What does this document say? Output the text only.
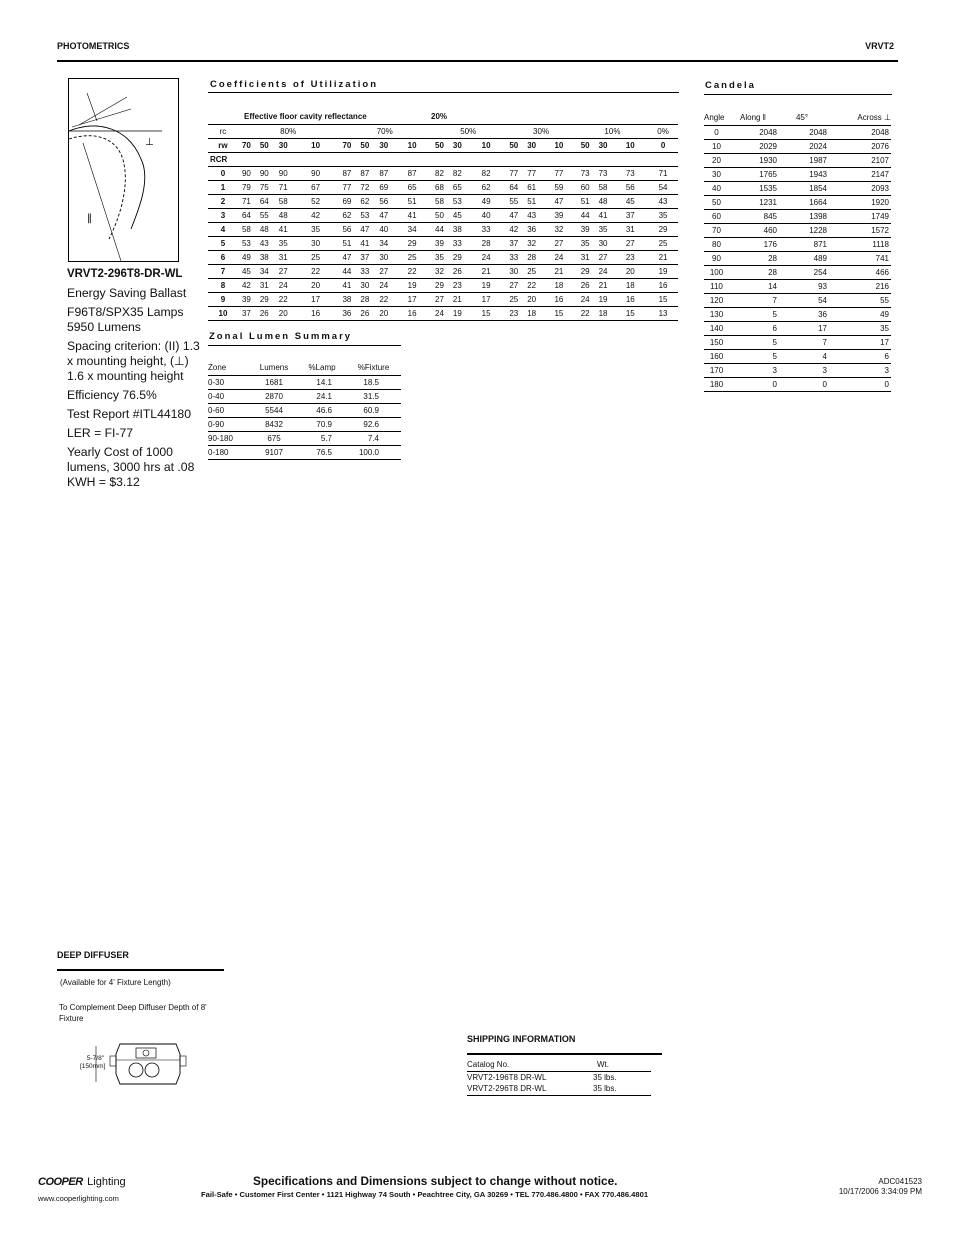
PHOTOMETRICS	VRVT2
⊥
‖
VRVT2-296T8-DR-WL

Energy Saving Ballast

F96T8/SPX35 Lamps 5950 Lumens

Spacing criterion: (II) 1.3 x mounting height, (⊥) 1.6 x mounting height

Efficiency 76.5%

Test Report #ITL44180

LER = FI-77

Yearly Cost of 1000 lumens, 3000 hrs at .08 KWH = $3.12

Coefficients of Utilization
Effective floor cavity reflectance									20%									
rc	80%				70%				50%			30%			10%			0%
rw	70	50	30	10	70	50	30	10	50	30	10	50	30	10	50	30	10	0
RCR																		
0	90	90	90	90	87	87	87	87	82	82	82	77	77	77	73	73	73	71
1	79	75	71	67	77	72	69	65	68	65	62	64	61	59	60	58	56	54
2	71	64	58	52	69	62	56	51	58	53	49	55	51	47	51	48	45	43
3	64	55	48	42	62	53	47	41	50	45	40	47	43	39	44	41	37	35
4	58	48	41	35	56	47	40	34	44	38	33	42	36	32	39	35	31	29
5	53	43	35	30	51	41	34	29	39	33	28	37	32	27	35	30	27	25
6	49	38	31	25	47	37	30	25	35	29	24	33	28	24	31	27	23	21
7	45	34	27	22	44	33	27	22	32	26	21	30	25	21	29	24	20	19
8	42	31	24	20	41	30	24	19	29	23	19	27	22	18	26	21	18	16
9	39	29	22	17	38	28	22	17	27	21	17	25	20	16	24	19	16	15
10	37	26	20	16	36	26	20	16	24	19	15	23	18	15	22	18	15	13
Zonal Lumen Summary
Zone	Lumens	%Lamp	%Fixture
0-30	1681	14.1	18.5
0-40	2870	24.1	31.5
0-60	5544	46.6	60.9
0-90	8432	70.9	92.6
90-180	675	5.7	7.4
0-180	9107	76.5	100.0
Candela
Angle	Along ‖	45°	Across ⊥
0	2048	2048	2048
10	2029	2024	2076
20	1930	1987	2107
30	1765	1943	2147
40	1535	1854	2093
50	1231	1664	1920
60	845	1398	1749
70	460	1228	1572
80	176	871	1118
90	28	489	741
100	28	254	466
110	14	93	216
120	7	54	55
130	5	36	49
140	6	17	35
150	5	7	17
160	5	4	6
170	3	3	3
180	0	0	0
DEEP DIFFUSER
(Available for 4' Fixture Length)
To Complement Deep Diffuser Depth of 8' Fixture
5-7/8"
[150mm]
SHIPPING INFORMATION
Catalog No.	Wt.
VRVT2-196T8 DR-WL	35 lbs.
VRVT2-296T8 DR-WL	35 lbs.
COOPER Lighting
www.cooperlighting.com
Specifications and Dimensions subject to change without notice.
Fail-Safe • Customer First Center • 1121 Highway 74 South • Peachtree City, GA 30269 • TEL 770.486.4800 • FAX 770.486.4801
ADC041523
10/17/2006 3:34:09 PM
